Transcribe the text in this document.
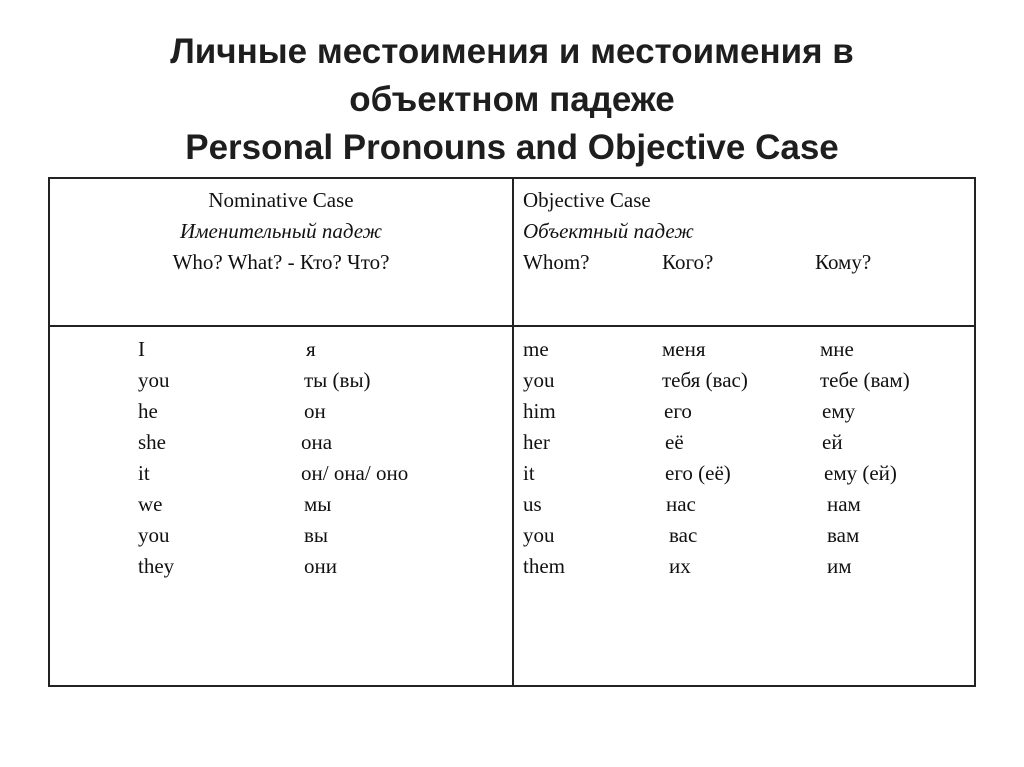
Личные местоимения и местоимения в
объектном падеже
Personal Pronouns and Objective Case
Nominative Case
Именительный падеж
Who? What? - Кто? Что?
Objective Case
Объектный падеж
Whom?	Кого?	Кому?
I
you
he
she
it
we
you
they
я
ты (вы)
он
она
он/ она/ оно
мы
вы
они
me
you
him
her
it
us
you
them
меня
тебя (вас)
его
её
его (её)
нас
вас
их
мне
тебе (вам)
ему
ей
ему (ей)
нам
вам
им
